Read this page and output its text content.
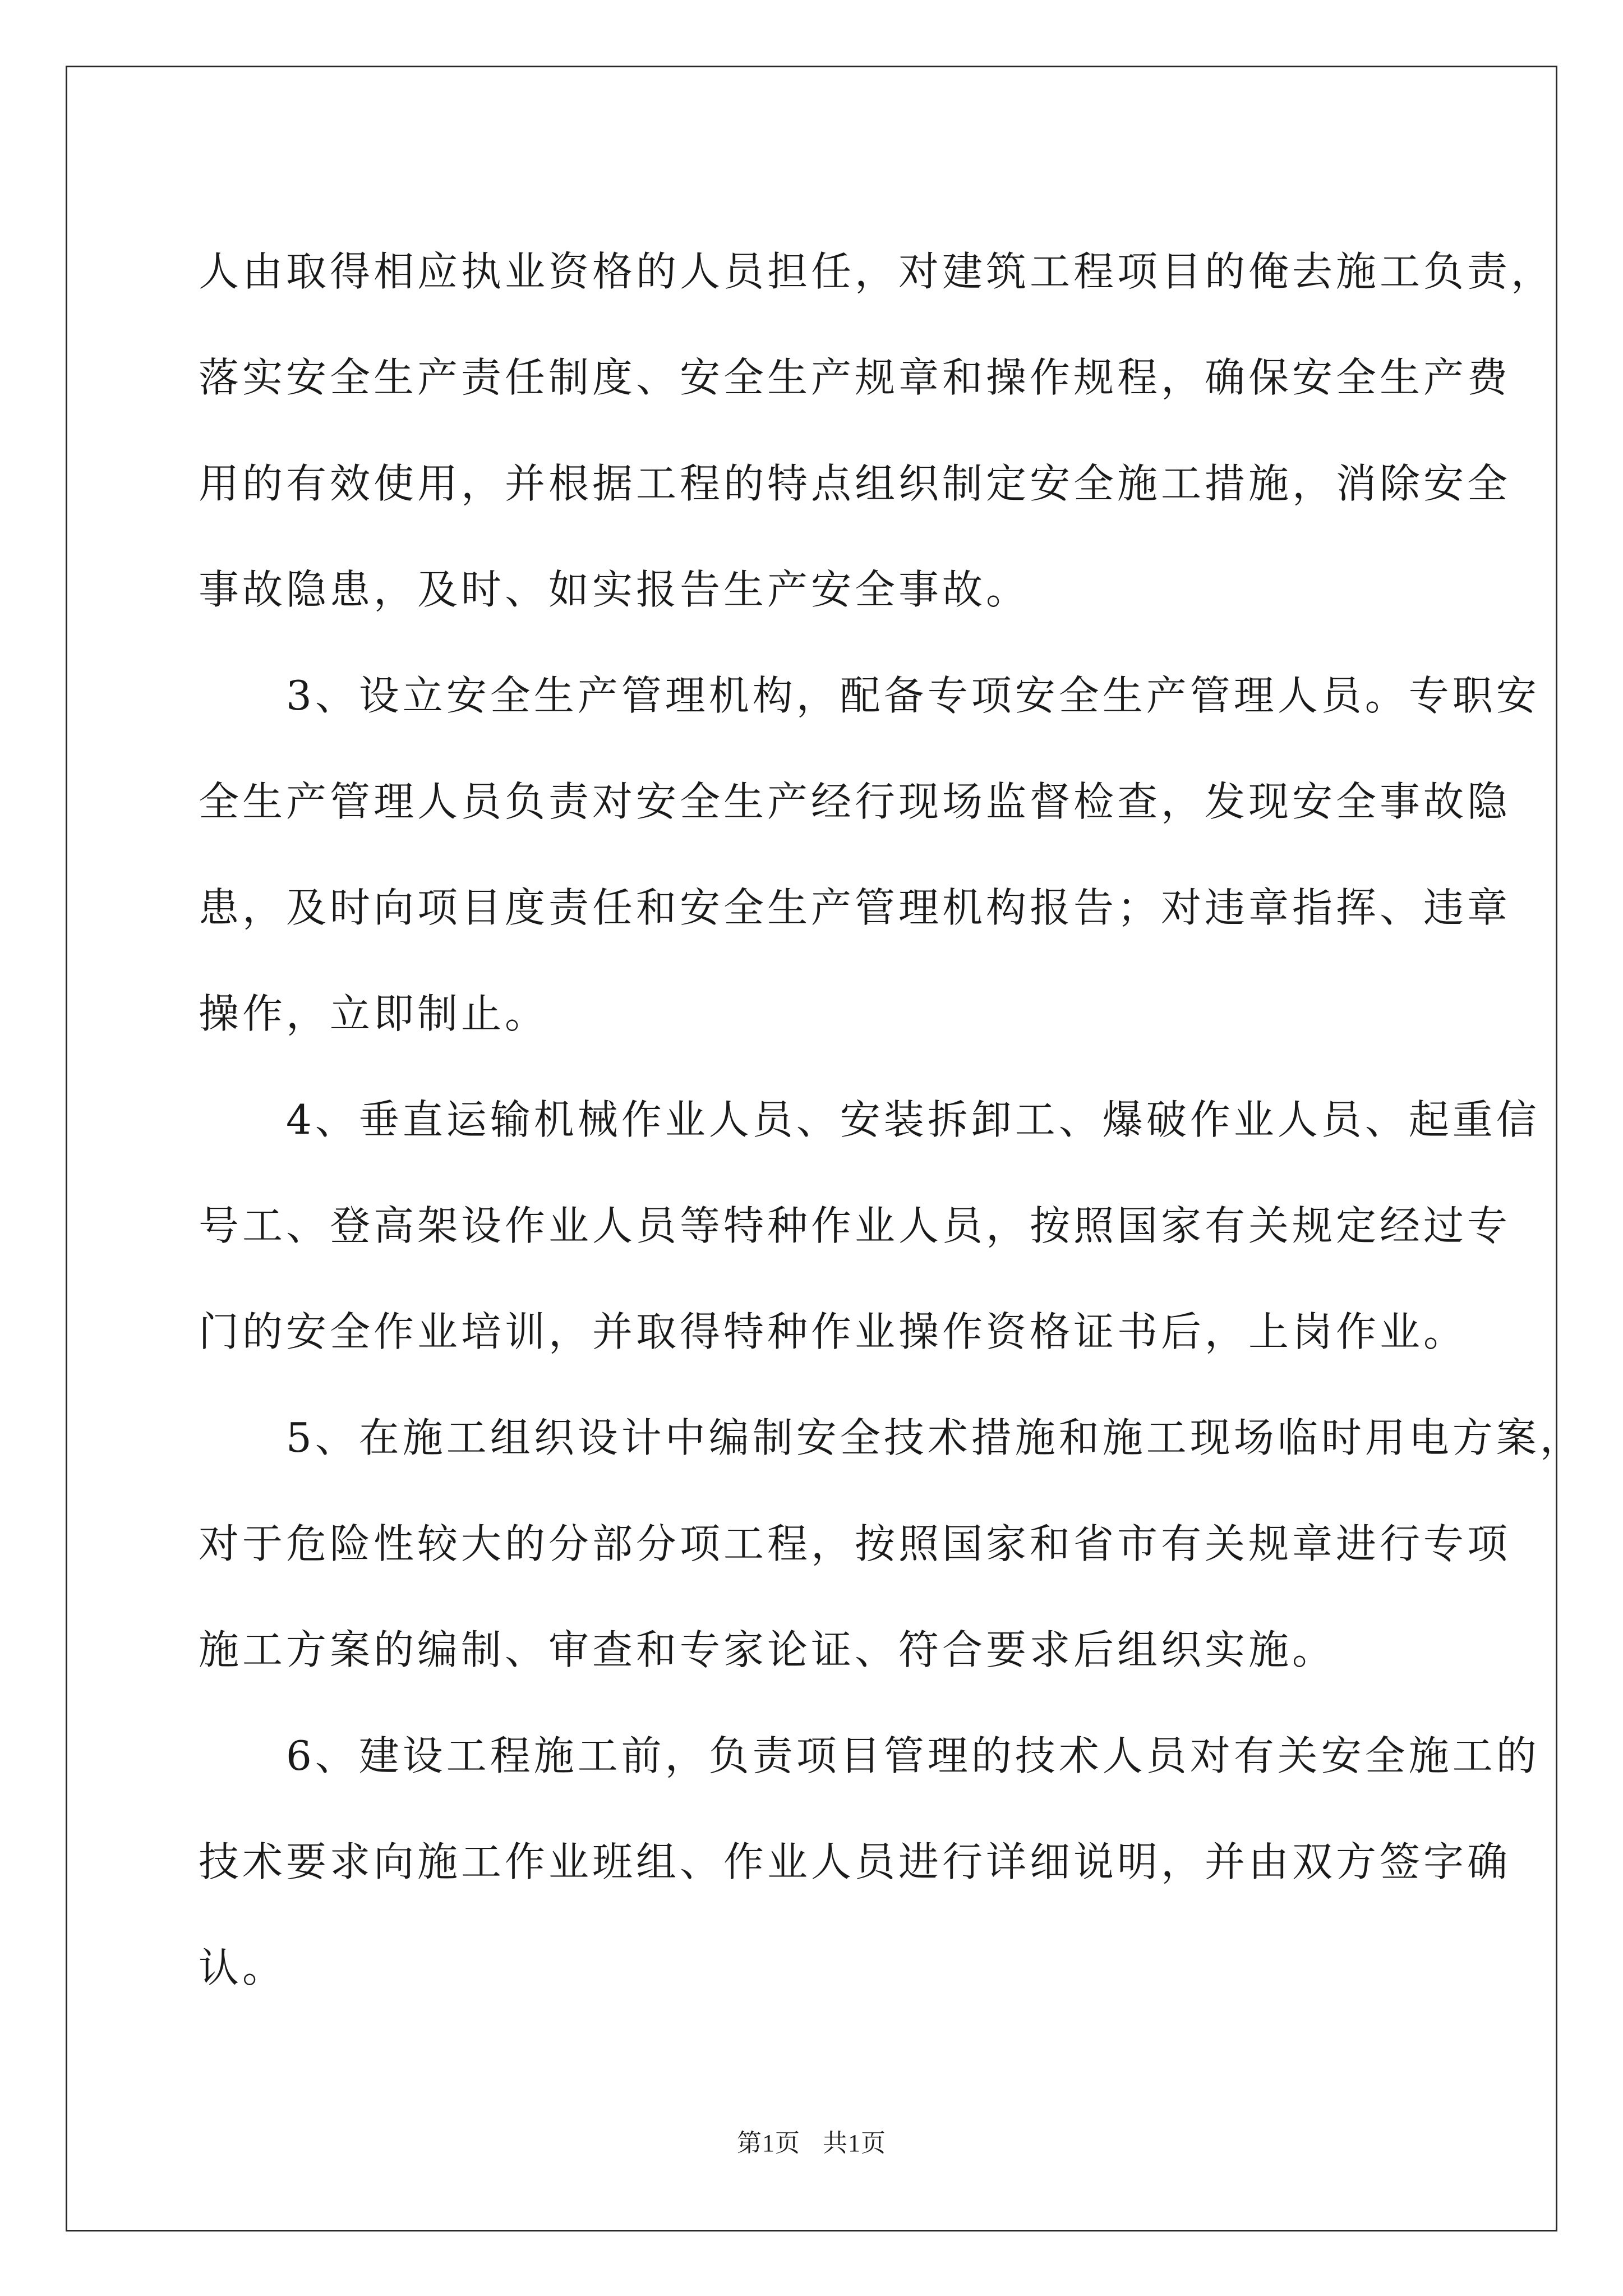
人由取得相应执业资格的人员担任，对建筑工程项目的俺去施工负责，
落实安全生产责任制度、安全生产规章和操作规程，确保安全生产费
用的有效使用，并根据工程的特点组织制定安全施工措施，消除安全
事故隐患，及时、如实报告生产安全事故。

3、设立安全生产管理机构，配备专项安全生产管理人员。专职安
全生产管理人员负责对安全生产经行现场监督检查，发现安全事故隐
患，及时向项目度责任和安全生产管理机构报告；对违章指挥、违章
操作，立即制止。

4、垂直运输机械作业人员、安装拆卸工、爆破作业人员、起重信
号工、登高架设作业人员等特种作业人员，按照国家有关规定经过专
门的安全作业培训，并取得特种作业操作资格证书后，上岗作业。

5、在施工组织设计中编制安全技术措施和施工现场临时用电方案，
对于危险性较大的分部分项工程，按照国家和省市有关规章进行专项
施工方案的编制、审查和专家论证、符合要求后组织实施。

6、建设工程施工前，负责项目管理的技术人员对有关安全施工的
技术要求向施工作业班组、作业人员进行详细说明，并由双方签字确
认。

第1页 共1页
